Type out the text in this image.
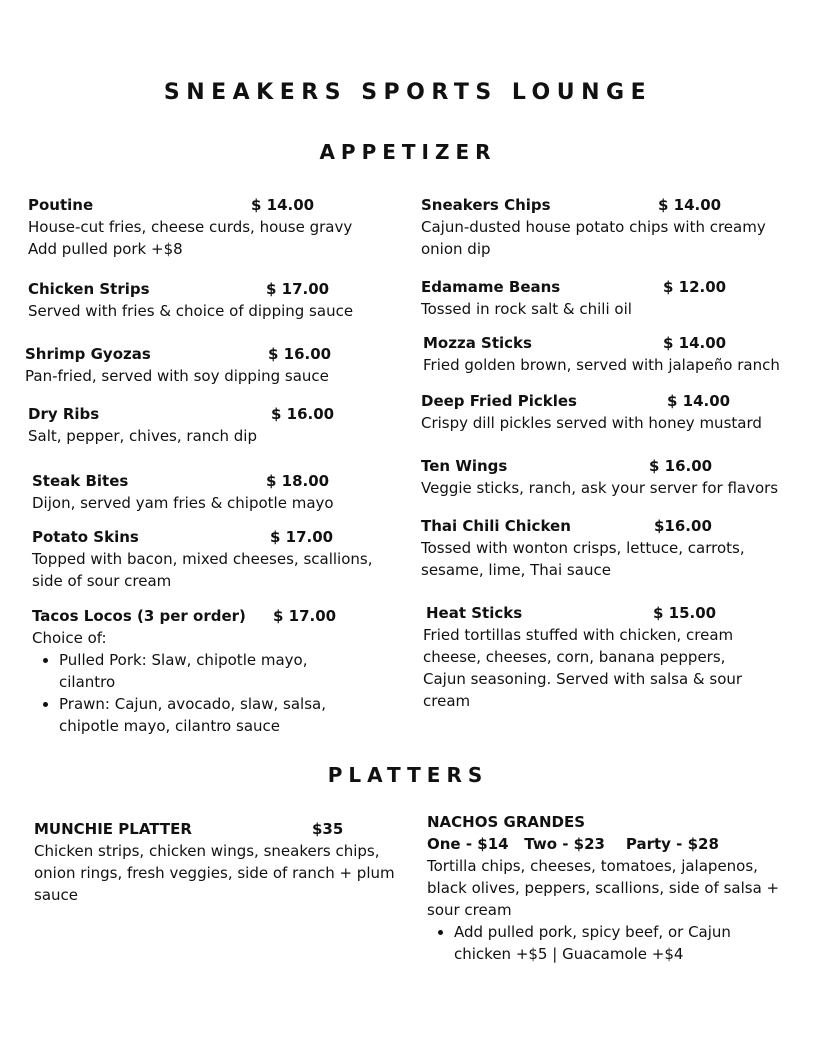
SNEAKERS SPORTS LOUNGE
APPETIZER
Poutine	$ 14.00

House-cut fries, cheese curds, house gravy

Add pulled pork +$8

Chicken Strips	$ 17.00

Served with fries & choice of dipping sauce

Shrimp Gyozas	$ 16.00

Pan-fried, served with soy dipping sauce

Dry Ribs	$ 16.00

Salt, pepper, chives, ranch dip

Steak Bites	$ 18.00

Dijon, served yam fries & chipotle mayo

Potato Skins	$ 17.00

Topped with bacon, mixed cheeses, scallions, side of sour cream

Tacos Locos (3 per order) $ 17.00

Choice of:

• Pulled Pork: Slaw, chipotle mayo, cilantro
• Prawn: Cajun, avocado, slaw, salsa, chipotle mayo, cilantro sauce
Sneakers Chips	$ 14.00

Cajun-dusted house potato chips with creamy onion dip

Edamame Beans	$ 12.00

Tossed in rock salt & chili oil

Mozza Sticks	$ 14.00

Fried golden brown, served with jalapeño ranch

Deep Fried Pickles	$ 14.00

Crispy dill pickles served with honey mustard

Ten Wings	$ 16.00

Veggie sticks, ranch, ask your server for flavors

Thai Chili Chicken	$16.00

Tossed with wonton crisps, lettuce, carrots, sesame, lime, Thai sauce

Heat Sticks	$ 15.00

Fried tortillas stuffed with chicken, cream cheese, cheeses, corn, banana peppers, Cajun seasoning. Served with salsa & sour cream

PLATTERS
MUNCHIE PLATTER	$35

Chicken strips, chicken wings, sneakers chips, onion rings, fresh veggies, side of ranch + plum sauce

NACHOS GRANDES

One - $14   Two - $23    Party - $28

Tortilla chips, cheeses, tomatoes, jalapenos, black olives, peppers, scallions, side of salsa + sour cream

• Add pulled pork, spicy beef, or Cajun chicken +$5 | Guacamole +$4
